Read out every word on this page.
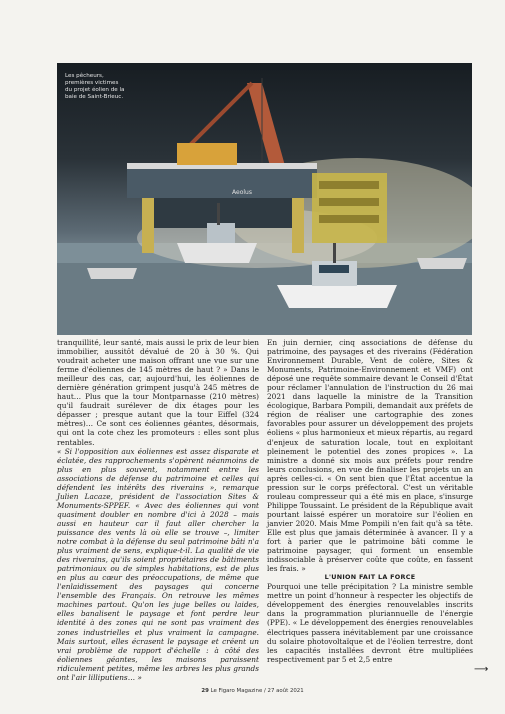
Aeolus
Les pêcheurs,
premières victimes
du projet éolien de la
baie de Saint-Brieuc.

tranquillité, leur santé, mais aussi le prix de leur bien immobilier, aussitôt dévalué de 20 à 30 %. Qui voudrait acheter une maison offrant une vue sur une ferme d'éoliennes de 145 mètres de haut ? » Dans le meilleur des cas, car, aujourd'hui, les éoliennes de dernière génération grimpent jusqu'à 245 mètres de haut… Plus que la tour Montparnasse (210 mètres) qu'il faudrait surélever de dix étages pour les dépasser ; presque autant que la tour Eiffel (324 mètres)… Ce sont ces éoliennes géantes, désormais, qui ont la cote chez les promoteurs : elles sont plus rentables.

« Si l'opposition aux éoliennes est assez disparate et éclatée, des rapprochements s'opèrent néanmoins de plus en plus souvent, notamment entre les associations de défense du patrimoine et celles qui défendent les intérêts des riverains », remarque Julien Lacaze, président de l'association Sites & Monuments-SPPEF. « Avec des éoliennes qui vont quasiment doubler en nombre d'ici à 2028 – mais aussi en hauteur car il faut aller chercher la puissance des vents là où elle se trouve –, limiter notre combat à la défense du seul patrimoine bâti n'a plus vraiment de sens, explique-t-il. La qualité de vie des riverains, qu'ils soient propriétaires de bâtiments patrimoniaux ou de simples habitations, est de plus en plus au cœur des préoccupations, de même que l'enlaidissement des paysages qui concerne l'ensemble des Français. On retrouve les mêmes machines partout. Qu'on les juge belles ou laides, elles banalisent le paysage et font perdre leur identité à des zones qui ne sont pas vraiment des zones industrielles et plus vraiment la campagne. Mais surtout, elles écrasent le paysage et créent un vrai problème de rapport d'échelle : à côté des éoliennes géantes, les maisons paraissent ridiculement petites, même les arbres les plus grands ont l'air lilliputiens… »

En juin dernier, cinq associations de défense du patrimoine, des paysages et des riverains (Fédération Environnement Durable, Vent de colère, Sites & Monuments, Patrimoine-Environnement et VMF) ont déposé une requête sommaire devant le Conseil d'État pour réclamer l'annulation de l'instruction du 26 mai 2021 dans laquelle la ministre de la Transition écologique, Barbara Pompili, demandait aux préfets de région de réaliser une cartographie des zones favorables pour assurer un développement des projets éoliens « plus harmonieux et mieux répartis, au regard d'enjeux de saturation locale, tout en exploitant pleinement le potentiel des zones propices ». La ministre a donné six mois aux préfets pour rendre leurs conclusions, en vue de finaliser les projets un an après celles-ci. « On sent bien que l'État accentue la pression sur le corps préfectoral. C'est un véritable rouleau compresseur qui a été mis en place, s'insurge Philippe Toussaint. Le président de la République avait pourtant laissé espérer un moratoire sur l'éolien en janvier 2020. Mais Mme Pompili n'en fait qu'à sa tête. Elle est plus que jamais déterminée à avancer. Il y a fort à parier que le patrimoine bâti comme le patrimoine paysager, qui forment un ensemble indissociable à préserver coûte que coûte, en fassent les frais. »

L'UNION FAIT LA FORCE

Pourquoi une telle précipitation ? La ministre semble mettre un point d'honneur à respecter les objectifs de développement des énergies renouvelables inscrits dans la programmation pluriannuelle de l'énergie (PPE). « Le développement des énergies renouvelables électriques passera inévitablement par une croissance du solaire photovoltaïque et de l'éolien terrestre, dont les capacités installées devront être multipliées respectivement par 5 et 2,5 entre

⟶
29 Le Figaro Magazine / 27 août 2021
